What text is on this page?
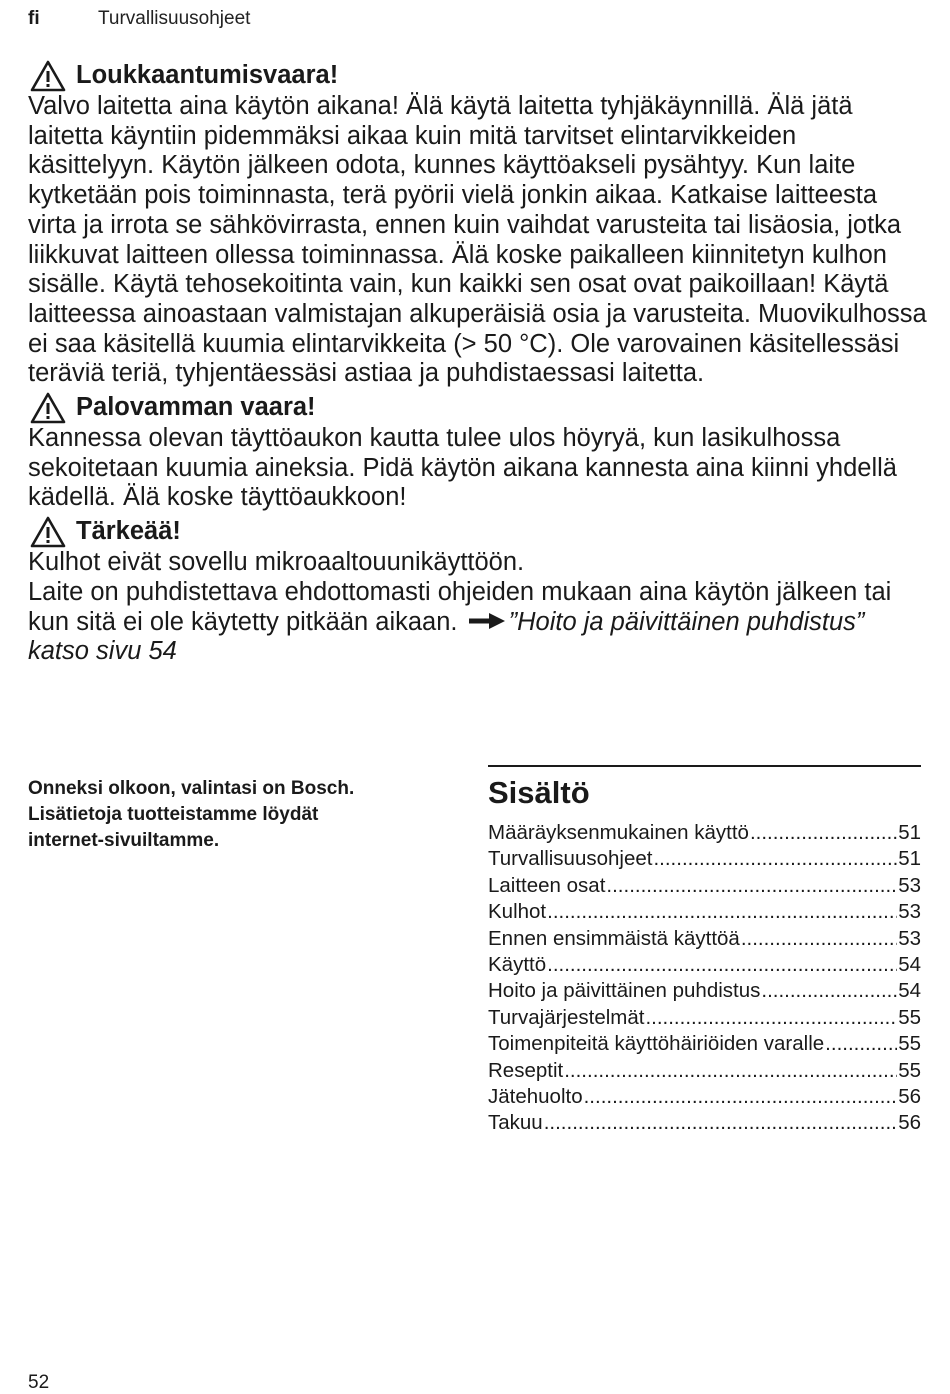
fi	Turvallisuusohjeet
Loukkaantumisvaara!

Valvo laitetta aina käytön aikana! Älä käytä laitetta tyhjäkäynnillä. Älä jätä laitetta käyntiin pidemmäksi aikaa kuin mitä tarvitset elintarvikkeiden käsittelyyn. Käytön jälkeen odota, kunnes käyttöakseli pysähtyy. Kun laite kytketään pois toiminnasta, terä pyörii vielä jonkin aikaa. Katkaise laitteesta virta ja irrota se sähkövirrasta, ennen kuin vaihdat varusteita tai lisäosia, jotka liikkuvat laitteen ollessa toiminnassa. Älä koske paikalleen kiinnitetyn kulhon sisälle. Käytä tehosekoitinta vain, kun kaikki sen osat ovat paikoillaan! Käytä laitteessa ainoastaan valmistajan alkuperäisiä osia ja varusteita. Muovikulhossa ei saa käsitellä kuumia elintarvikkeita (> 50 °C). Ole varovainen käsitellessäsi teräviä teriä, tyhjentäessäsi astiaa ja puhdistaessasi laitetta.

Palovamman vaara!

Kannessa olevan täyttöaukon kautta tulee ulos höyryä, kun lasikulhossa sekoitetaan kuumia aineksia. Pidä käytön aikana kannesta aina kiinni yhdellä kädellä. Älä koske täyttöaukkoon!

Tärkeää!

Kulhot eivät sovellu mikroaaltouunikäyttöön.

Laite on puhdistettava ehdottomasti ohjeiden mukaan aina käytön jälkeen tai kun sitä ei ole käytetty pitkään aikaan. ”Hoito ja päivittäinen puhdistus” katso sivu 54

Onneksi olkoon, valintasi on Bosch.
Lisätietoja tuotteistamme löydät
internet-sivuiltamme.
Sisältö
Määräyksenmukainen käyttö .....	51
Turvallisuusohjeet .....	51
Laitteen osat .....	53
Kulhot .....	53
Ennen ensimmäistä käyttöä .....	53
Käyttö .....	54
Hoito ja päivittäinen puhdistus .....	54
Turvajärjestelmät .....	55
Toimenpiteitä käyttöhäiriöiden varalle .....	55
Reseptit .....	55
Jätehuolto .....	56
Takuu .....	56
52
